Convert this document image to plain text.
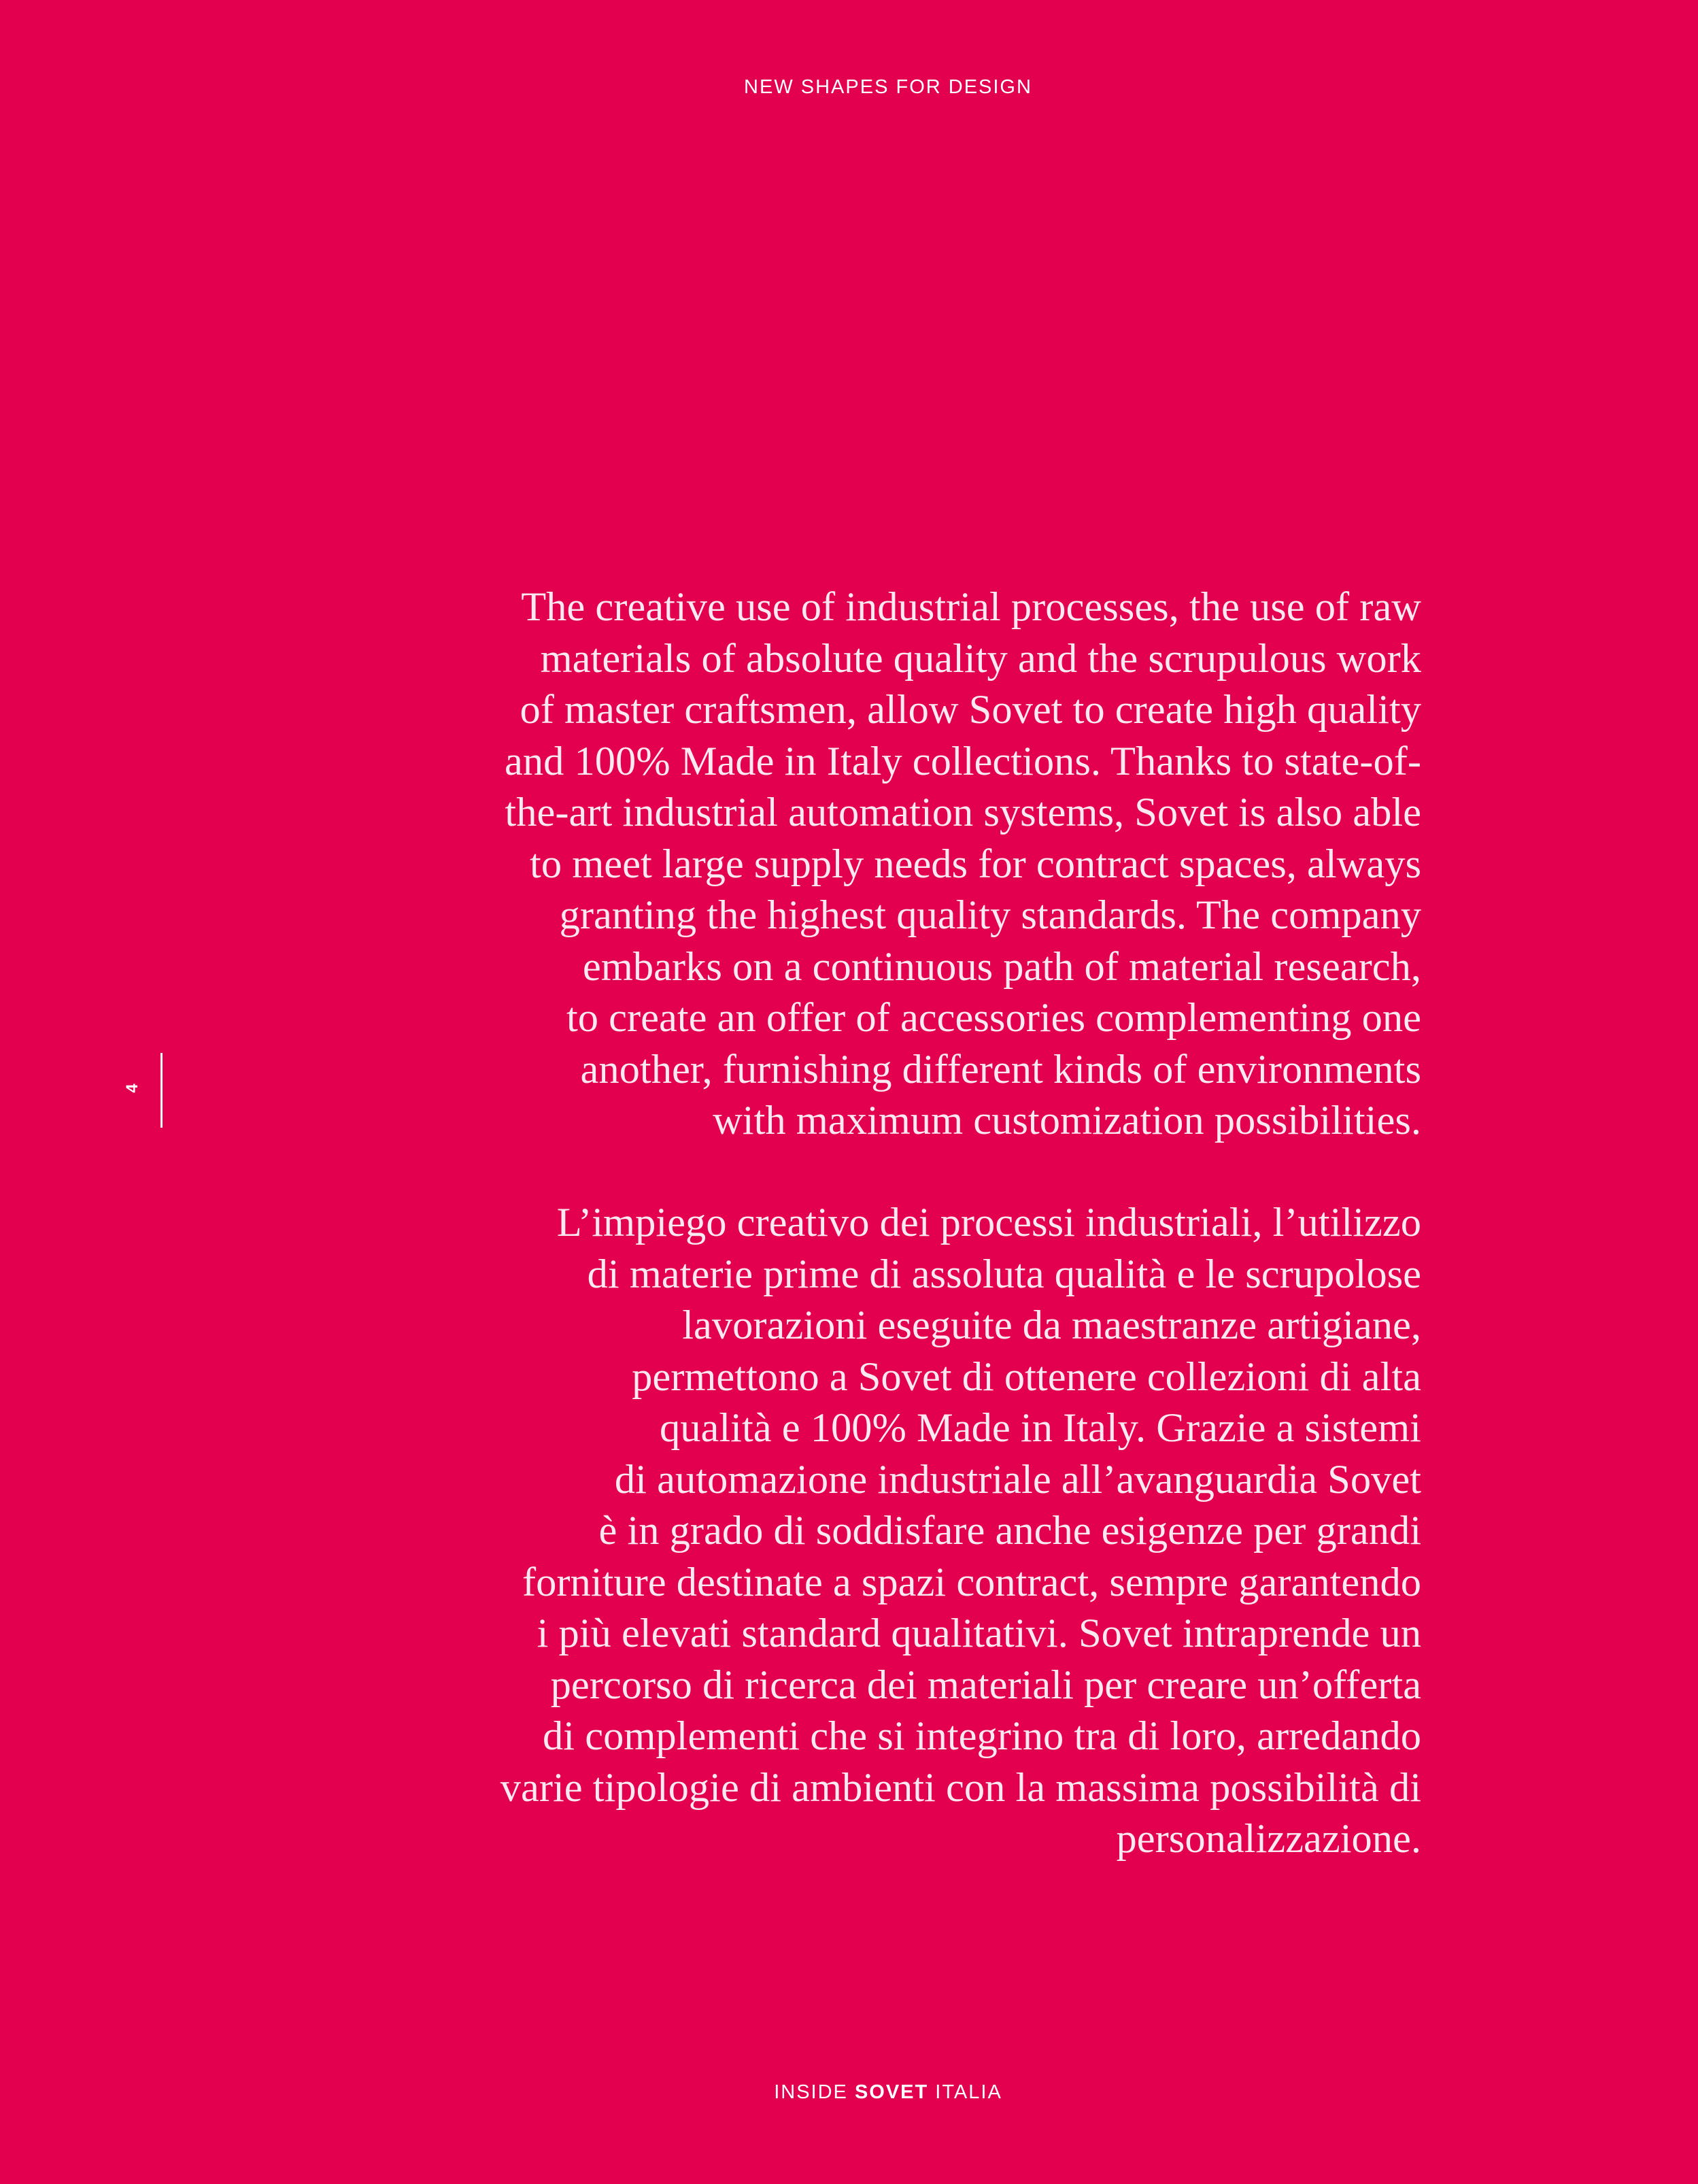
NEW SHAPES FOR DESIGN
4
The creative use of industrial processes, the use of raw
materials of absolute quality and the scrupulous work
of master craftsmen, allow Sovet to create high quality
and 100% Made in Italy collections. Thanks to state-of-
the-art industrial automation systems, Sovet is also able
to meet large supply needs for contract spaces, always
granting the highest quality standards. The company
embarks on a continuous path of material research,
to create an offer of accessories complementing one
another, furnishing different kinds of environments
with maximum customization possibilities.
L’impiego creativo dei processi industriali, l’utilizzo
di materie prime di assoluta qualità e le scrupolose
lavorazioni eseguite da maestranze artigiane,
permettono a Sovet di ottenere collezioni di alta
qualità e 100% Made in Italy. Grazie a sistemi
di automazione industriale all’avanguardia Sovet
è in grado di soddisfare anche esigenze per grandi
forniture destinate a spazi contract, sempre garantendo
i più elevati standard qualitativi. Sovet intraprende un
percorso di ricerca dei materiali per creare un’offerta
di complementi che si integrino tra di loro, arredando
varie tipologie di ambienti con la massima possibilità di
personalizzazione.
INSIDE SOVET ITALIA
